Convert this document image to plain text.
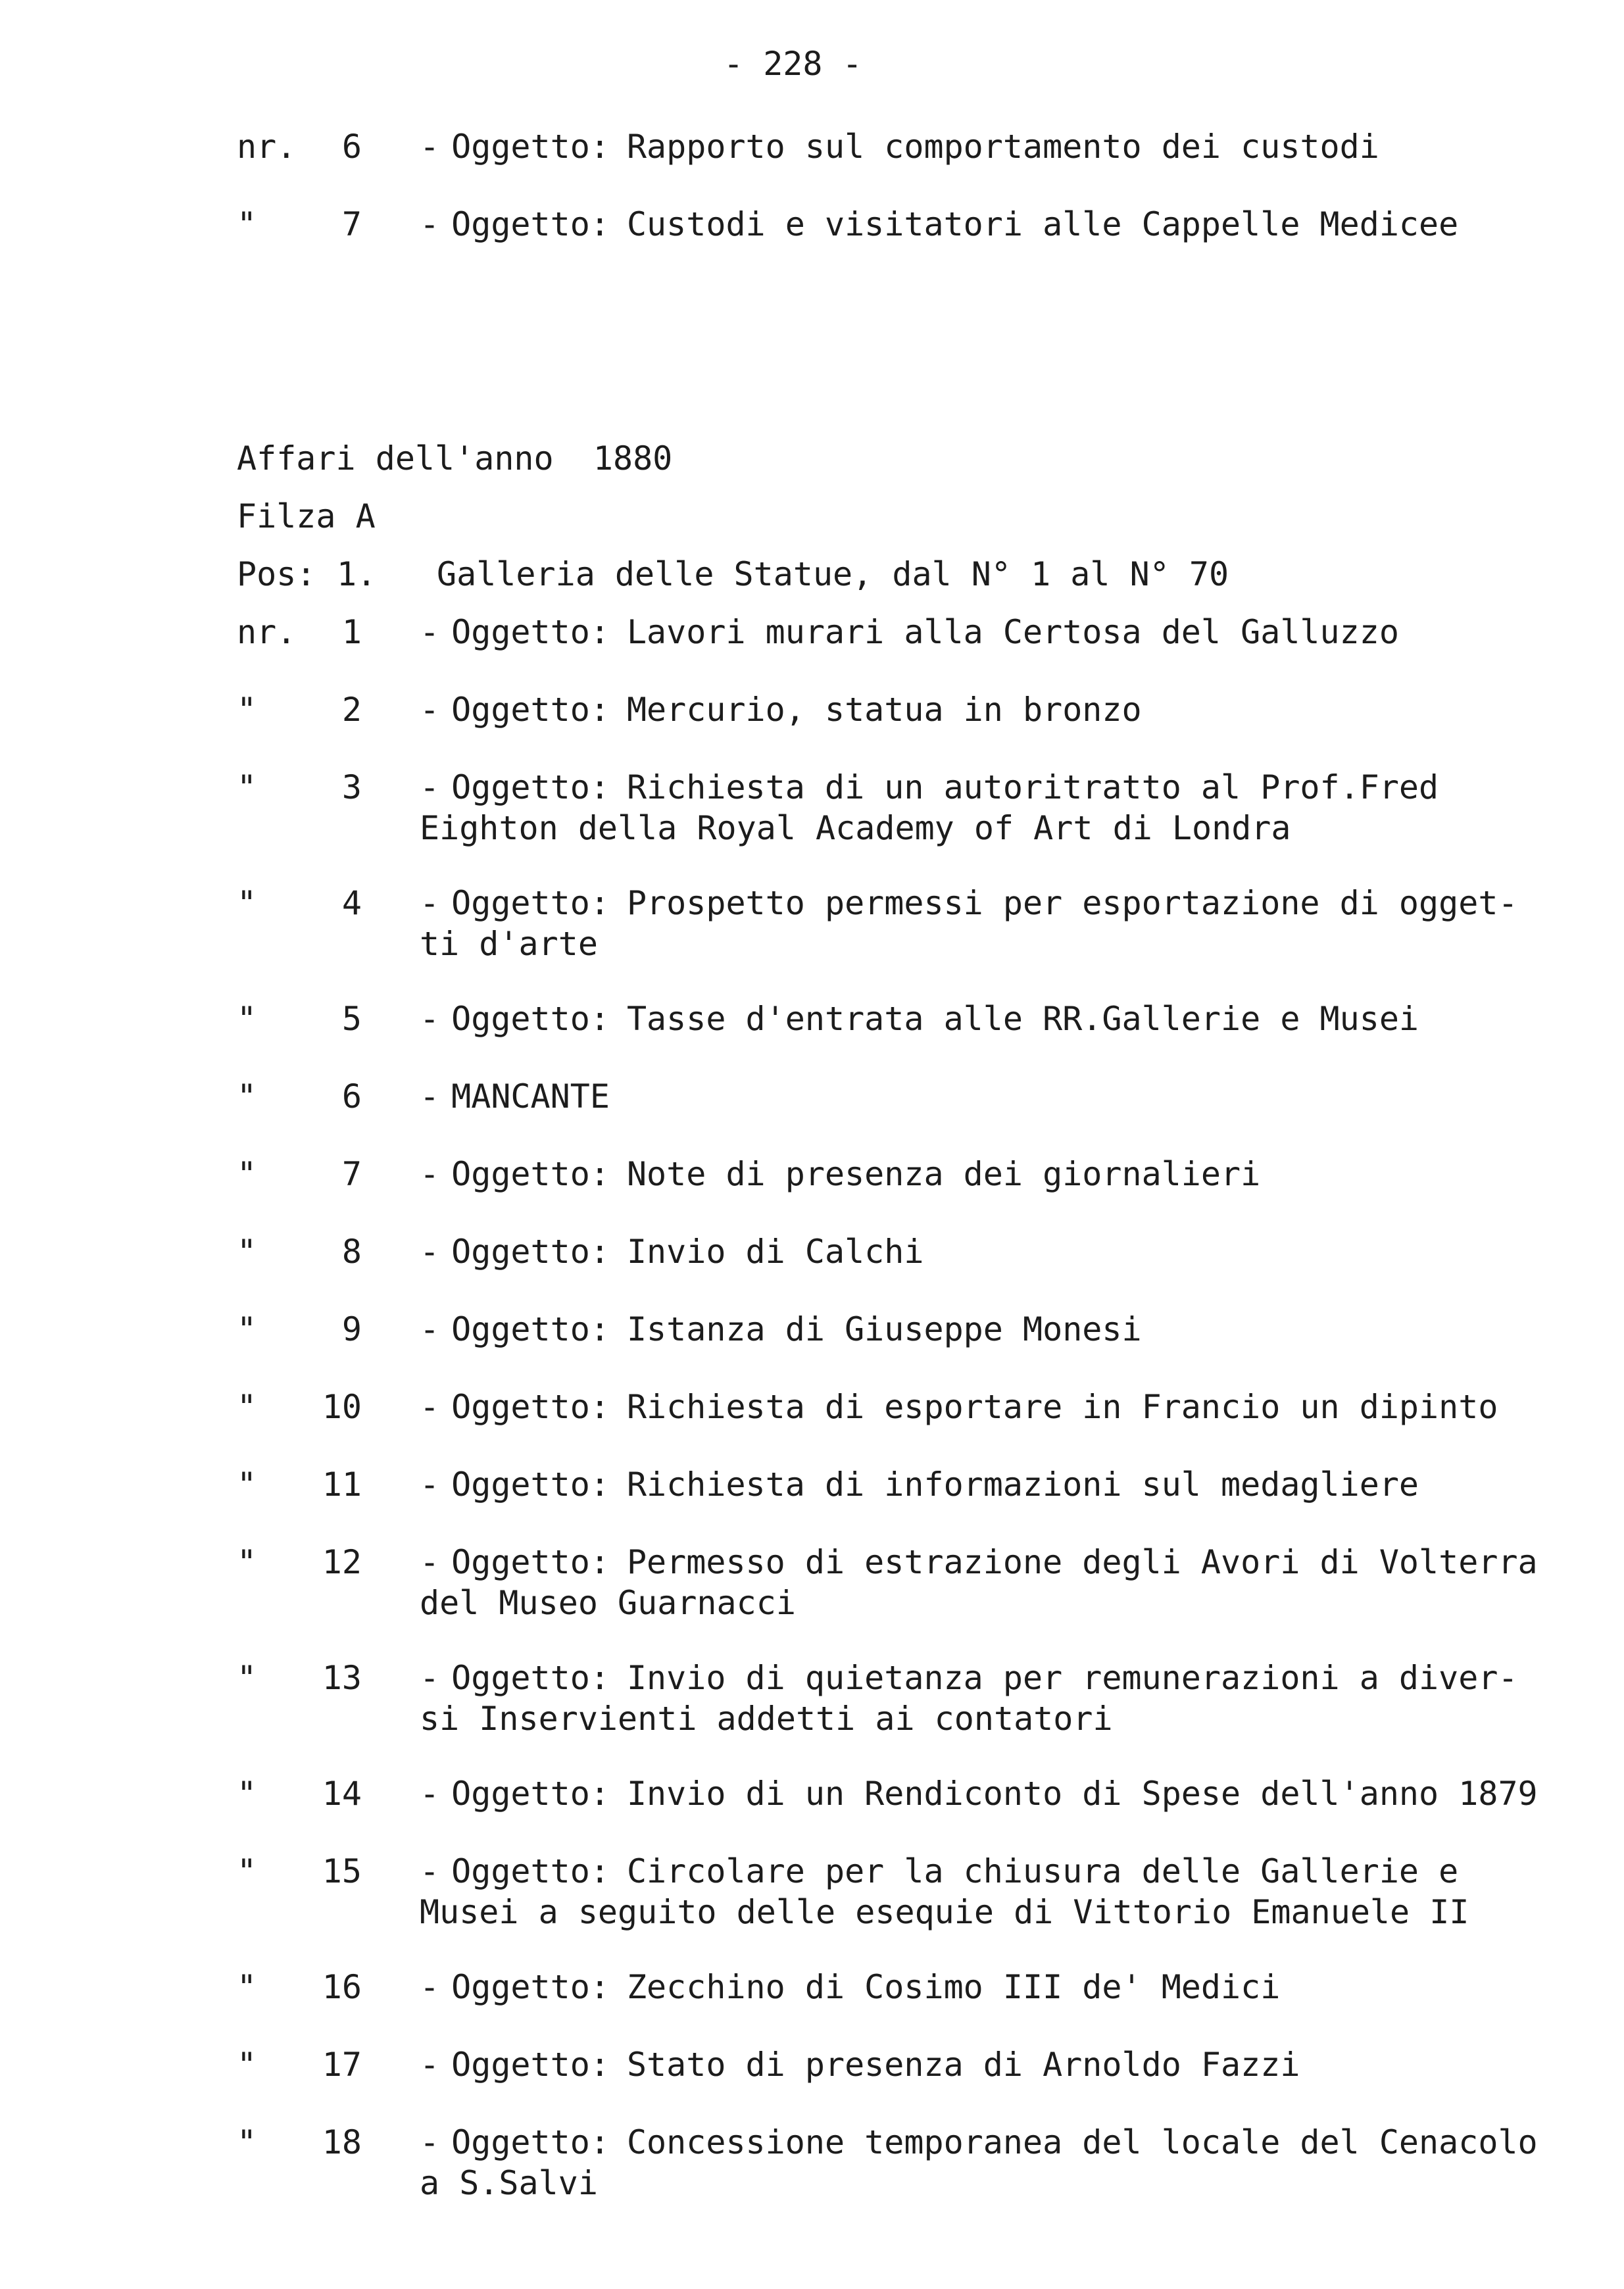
- 228 -
nr.	6 - Oggetto: Rapporto sul comportamento dei custodi
"	7 - Oggetto: Custodi e visitatori alle Cappelle Medicee
Affari dell'anno 1880
Filza A
Pos: 1. Galleria delle Statue, dal N° 1 al N° 70
nr.	1 - Oggetto: Lavori murari alla Certosa del Galluzzo
"	2 - Oggetto: Mercurio, statua in bronzo
"	3 - Oggetto: Richiesta di un autoritratto al Prof.Fred
Eighton della Royal Academy of Art di Londra
"	4 - Oggetto: Prospetto permessi per esportazione di ogget-
ti d'arte
"	5 - Oggetto: Tasse d'entrata alle RR.Gallerie e Musei
"	6 - MANCANTE
"	7 - Oggetto: Note di presenza dei giornalieri
"	8 - Oggetto: Invio di Calchi
"	9 - Oggetto: Istanza di Giuseppe Monesi
"	10 - Oggetto: Richiesta di esportare in Francio un dipinto
"	11 - Oggetto: Richiesta di informazioni sul medagliere
"	12 - Oggetto: Permesso di estrazione degli Avori di Volterra
del Museo Guarnacci
"	13 - Oggetto: Invio di quietanza per remunerazioni a diver-
si Inservienti addetti ai contatori
"	14 - Oggetto: Invio di un Rendiconto di Spese dell'anno 1879
"	15 - Oggetto: Circolare per la chiusura delle Gallerie e
Musei a seguito delle esequie di Vittorio Emanuele II
"	16 - Oggetto: Zecchino di Cosimo III de' Medici
"	17 - Oggetto: Stato di presenza di Arnoldo Fazzi
"	18 - Oggetto: Concessione temporanea del locale del Cenacolo
a S.Salvi
